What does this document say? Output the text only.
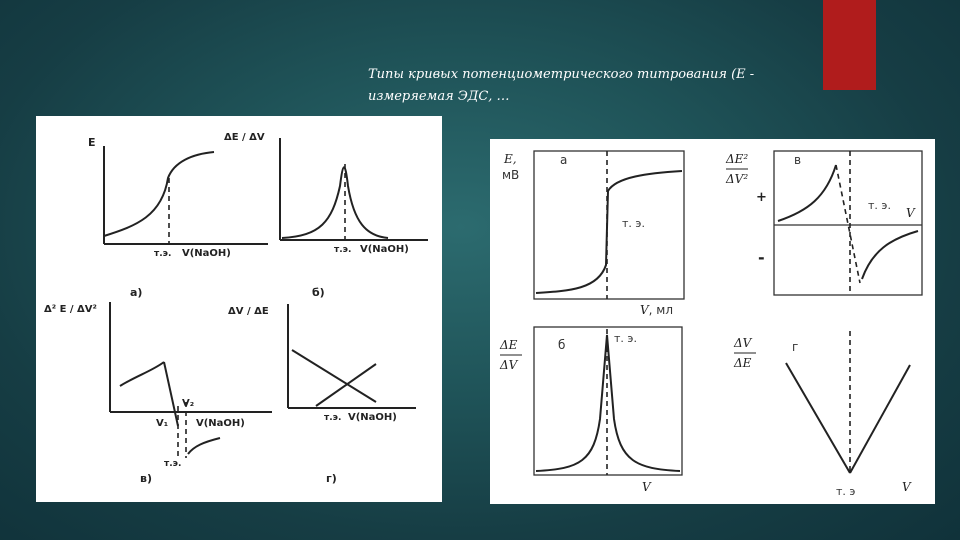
Типы кривых потенциометрического титрования (Е -
измеряемая ЭДС, …
E
т.э. V(NaOH)
а)
ΔE / ΔV
т.э. V(NaOH)
б)
Δ² E / ΔV²
V₁
V₂
V(NaOH)
т.э.
в)
ΔV / ΔE
т.э. V(NaOH)
г)
E,
мВ
а
т. э.
V, мл
ΔE²
ΔV²
в
+
-
т. э.
V
ΔE
ΔV
б	т. э.
V
ΔV
ΔE
г
т. э	V
